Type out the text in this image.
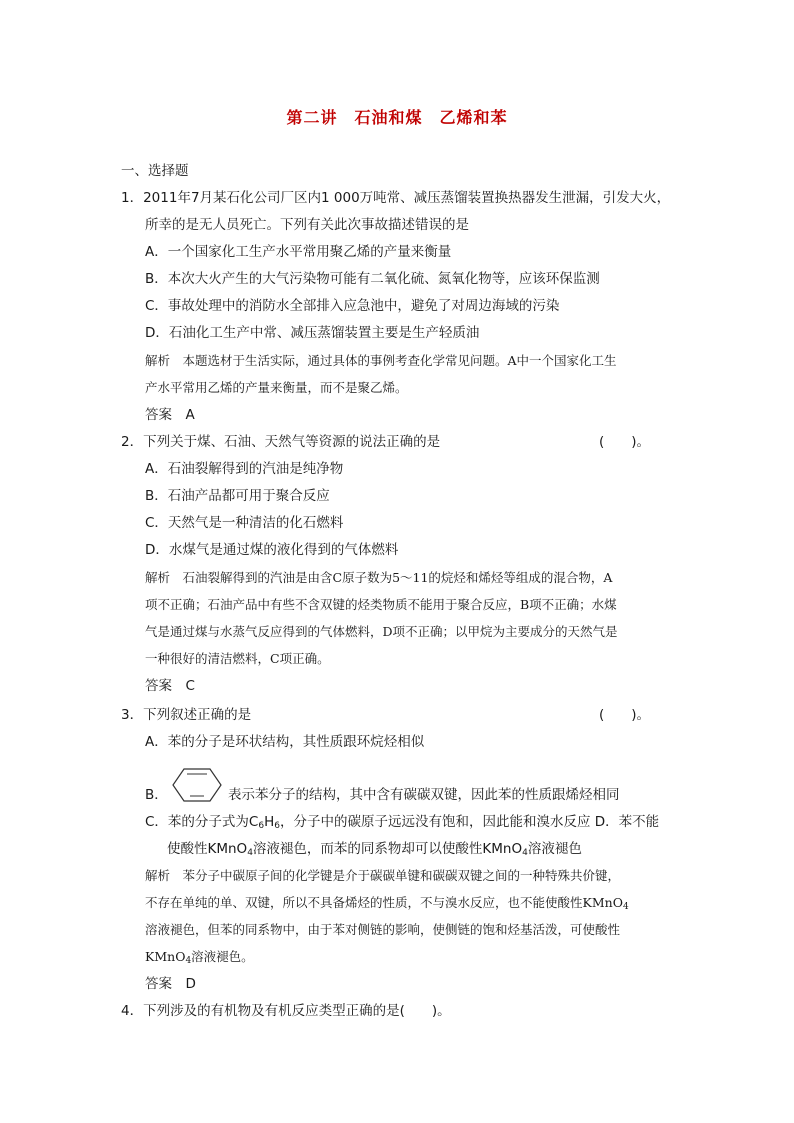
第二讲　石油和煤　乙烯和苯
一、选择题
1．2011年7月某石化公司厂区内1 000万吨常、减压蒸馏装置换热器发生泄漏，引发大火，
所幸的是无人员死亡。下列有关此次事故描述错误的是
A．一个国家化工生产水平常用聚乙烯的产量来衡量
B．本次大火产生的大气污染物可能有二氧化硫、氮氧化物等，应该环保监测
C．事故处理中的消防水全部排入应急池中，避免了对周边海域的污染
D．石油化工生产中常、减压蒸馏装置主要是生产轻质油
解析　本题选材于生活实际，通过具体的事例考查化学常见问题。A中一个国家化工生
产水平常用乙烯的产量来衡量，而不是聚乙烯。
答案　A
2．下列关于煤、石油、天然气等资源的说法正确的是	(　　)。
A．石油裂解得到的汽油是纯净物
B．石油产品都可用于聚合反应
C．天然气是一种清洁的化石燃料
D．水煤气是通过煤的液化得到的气体燃料
解析　石油裂解得到的汽油是由含C原子数为5～11的烷烃和烯烃等组成的混合物，A
项不正确；石油产品中有些不含双键的烃类物质不能用于聚合反应，B项不正确；水煤
气是通过煤与水蒸气反应得到的气体燃料，D项不正确；以甲烷为主要成分的天然气是
一种很好的清洁燃料，C项正确。
答案　C
3．下列叙述正确的是	(　　)。
A．苯的分子是环状结构，其性质跟环烷烃相似
B．	表示苯分子的结构，其中含有碳碳双键，因此苯的性质跟烯烃相同
C．苯的分子式为$C_6H_6$，分子中的碳原子远远没有饱和，因此能和溴水反应 D．苯不能
使酸性KMnO$_4$溶液褪色，而苯的同系物却可以使酸性KMnO$_4$溶液褪色
解析　苯分子中碳原子间的化学键是介于碳碳单键和碳碳双键之间的一种特殊共价键，
不存在单纯的单、双键，所以不具备烯烃的性质，不与溴水反应，也不能使酸性KMnO$_4$
溶液褪色，但苯的同系物中，由于苯对侧链的影响，使侧链的饱和烃基活泼，可使酸性
KMnO$_4$溶液褪色。
答案　D
4．下列涉及的有机物及有机反应类型正确的是(　　)。
